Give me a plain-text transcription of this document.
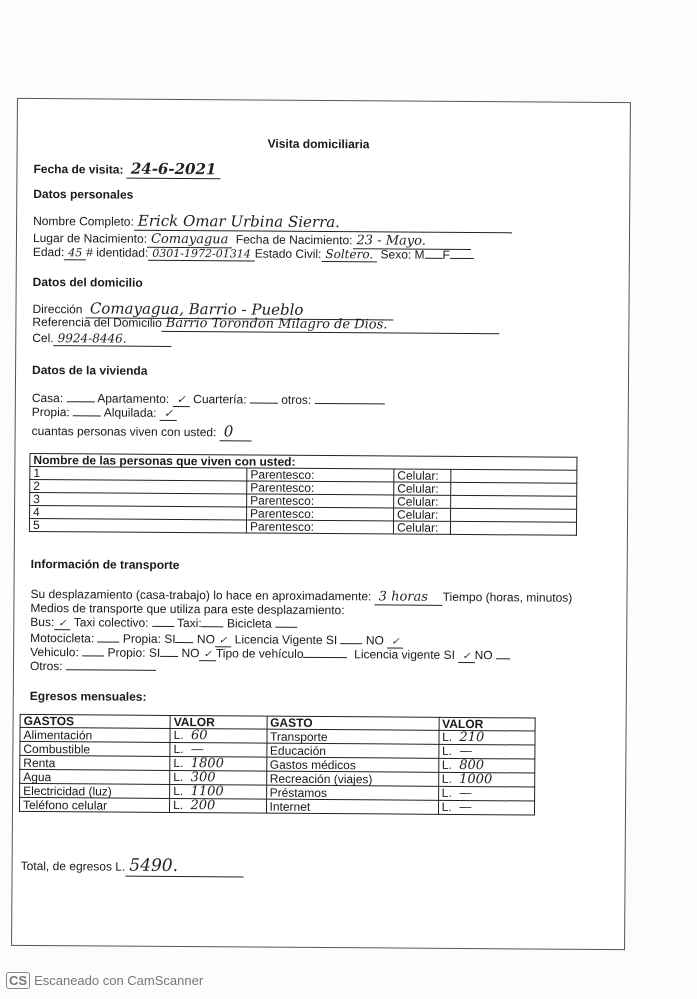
Visita domiciliaria
Fecha de visita: 24-6-2021
Datos personales
Nombre Completo: Erick Omar Urbina Sierra.
Lugar de Nacimiento: Comayagua Fecha de Nacimiento: 23 - Mayo.
Edad: 45 # identidad: 0301-1972-01314 Estado Civil: Soltero. Sexo: M F
Datos del domicilio
Dirección Comayagua, Barrio - Pueblo
Referencia del Domicilio Barrio Torondon Milagro de Dios.
Cel. 9924-8446.
Datos de la vivienda
Casa:	Apartamento: ✓ Cuartería:	otros:
Propia:	Alquilada: ✓
cuantas personas viven con usted: 0
Nombre de las personas que viven con usted:			
1	Parentesco:	Celular:	
2	Parentesco:	Celular:	
3	Parentesco:	Celular:	
4	Parentesco:	Celular:	
5	Parentesco:	Celular:	
Información de transporte
Su desplazamiento (casa-trabajo) lo hace en aproximadamente: 3 horas Tiempo (horas, minutos)
Medios de transporte que utiliza para este desplazamiento:
Bus: ✓ Taxi colectivo: Taxi: Bicicleta
Motocicleta: Propia: SI NO ✓ Licencia Vigente SI NO ✓
Vehiculo: Propio: SI NO ✓ Tipo de vehículo	Licencia vigente SI ✓ NO
Otros:
Egresos mensuales:
GASTOS	VALOR	GASTO	VALOR
Alimentación	L. 60	Transporte	L. 210
Combustible	L. —	Educación	L. —
Renta	L. 1800	Gastos médicos	L. 800
Agua	L. 300	Recreación (viajes)	L. 1000
Electricidad (luz)	L. 1100	Préstamos	L. —
Teléfono celular	L. 200	Internet	L. —
Total, de egresos L. 5490.
CS Escaneado con CamScanner
